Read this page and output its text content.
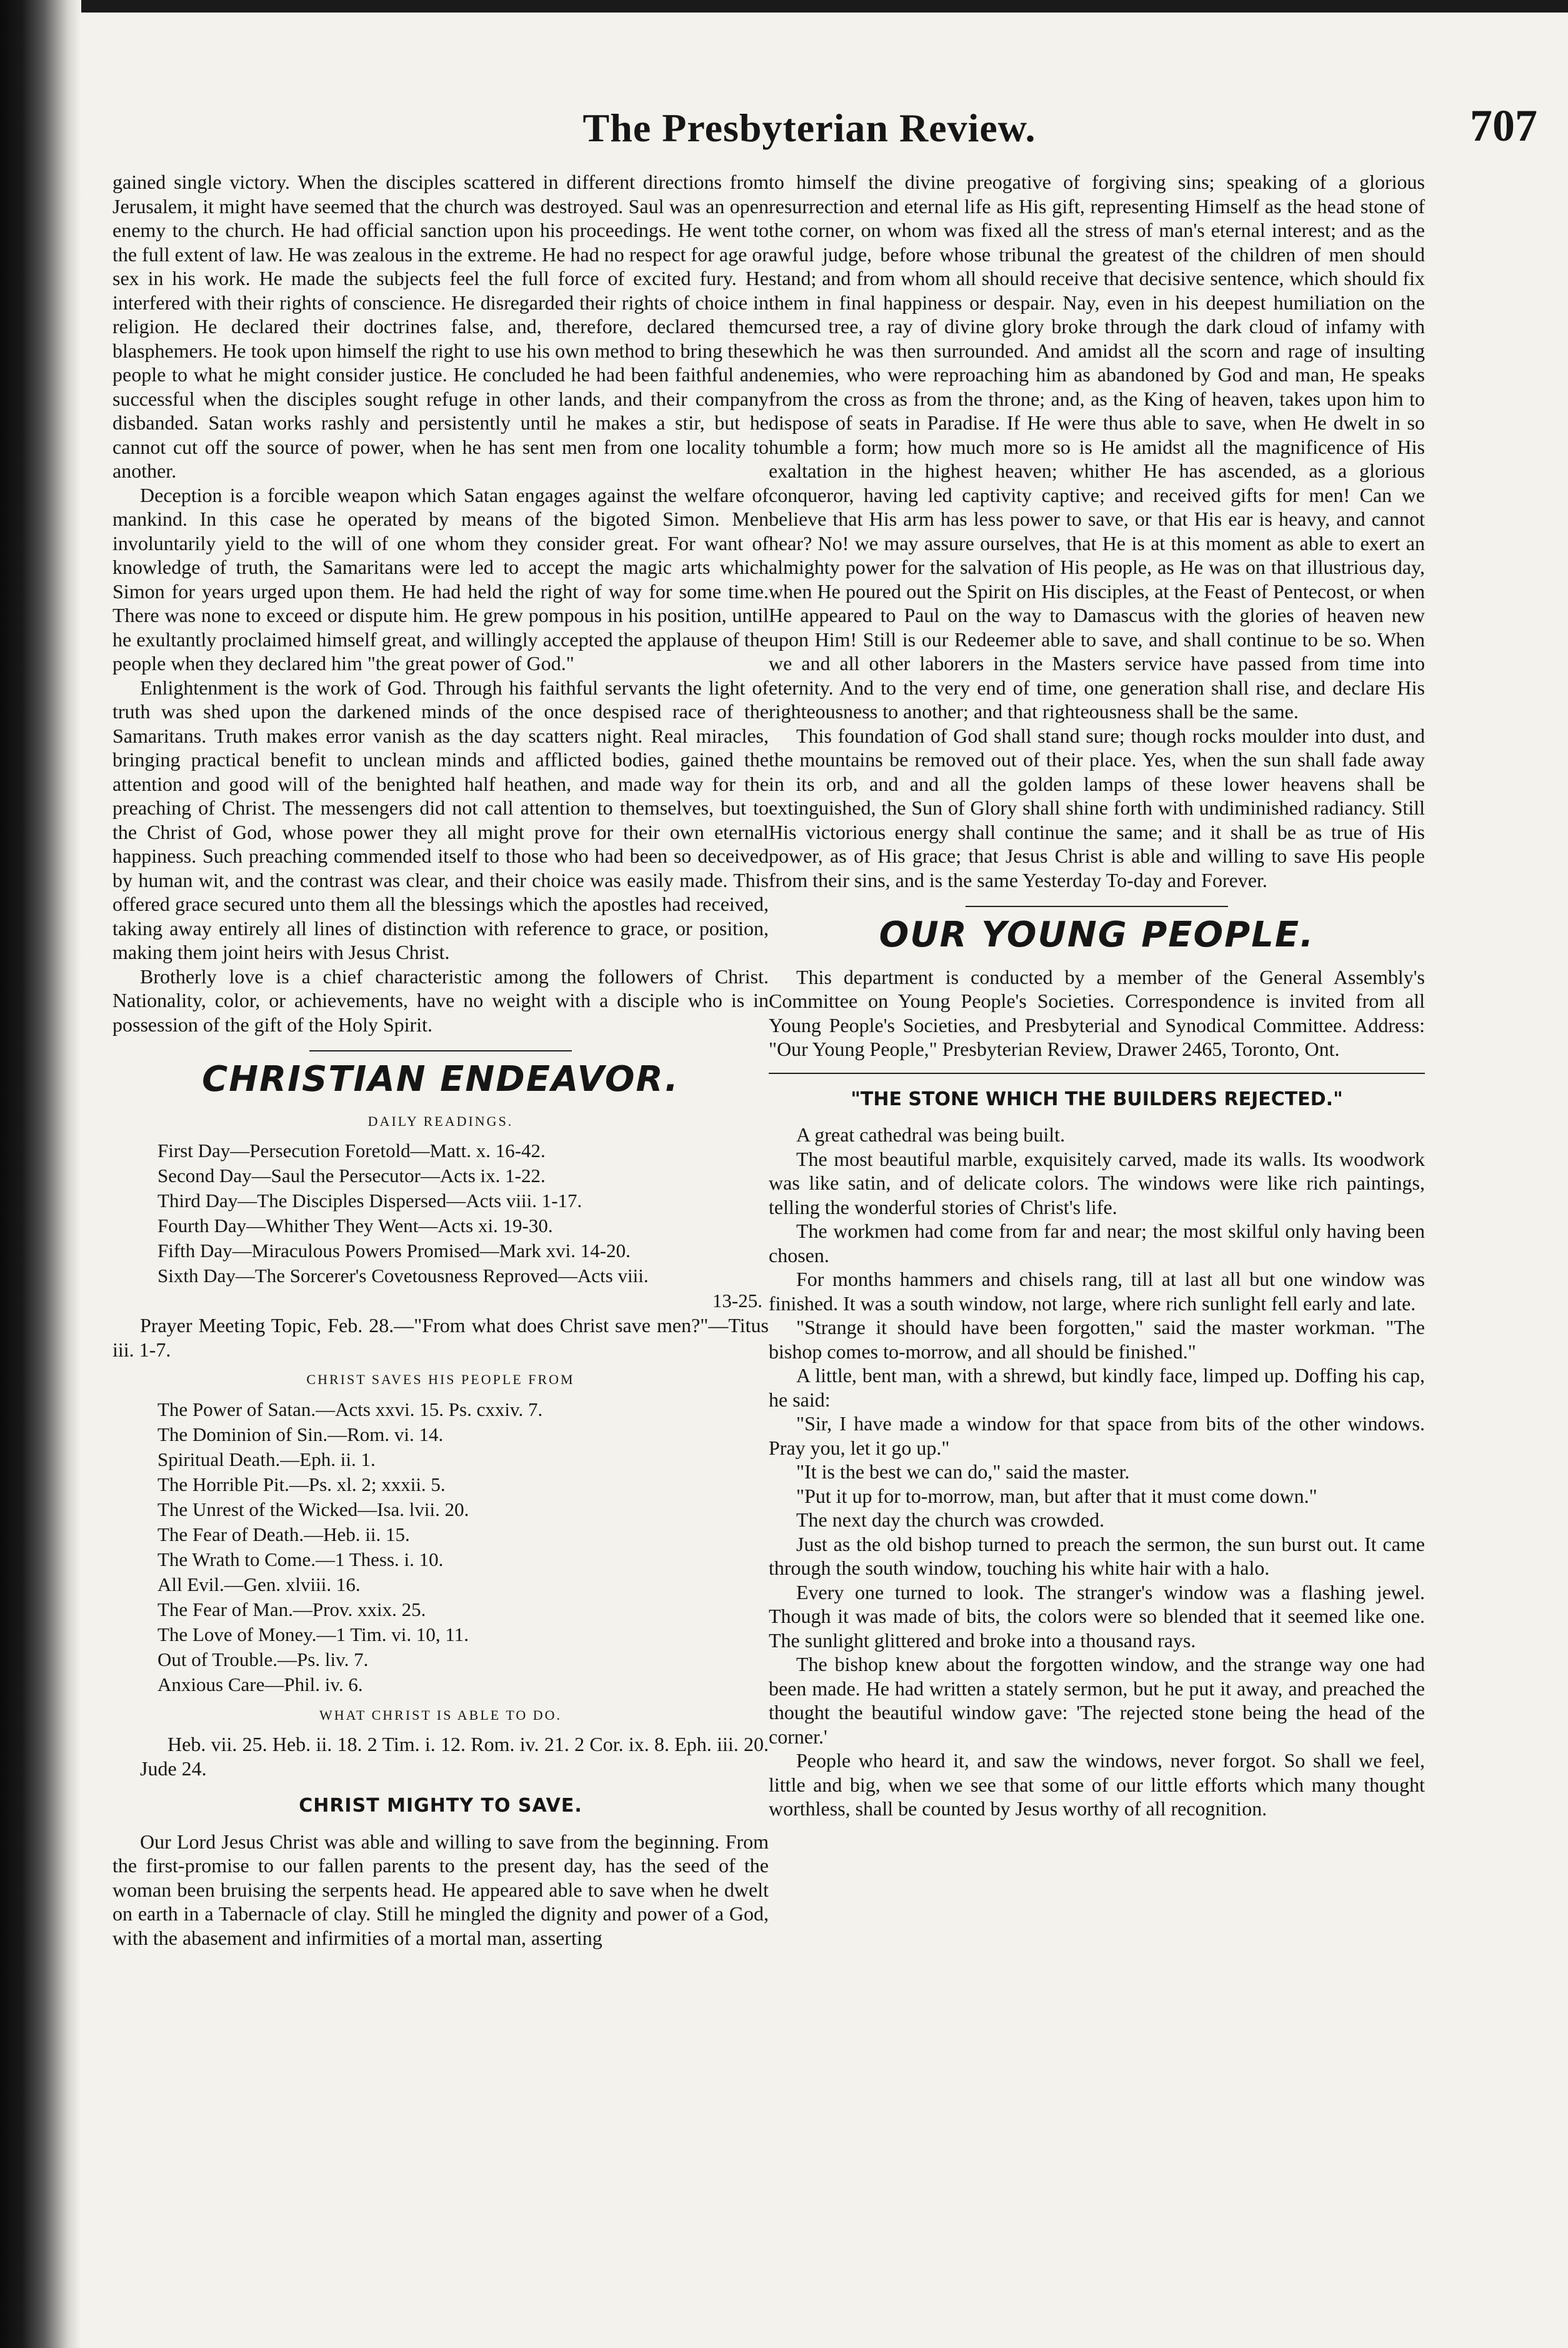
The Presbyterian Review.	707

gained single victory. When the disciples scattered in different directions from Jerusalem, it might have seemed that the church was destroyed. Saul was an open enemy to the church. He had official sanction upon his proceedings. He went to the full extent of law. He was zealous in the extreme. He had no respect for age or sex in his work. He made the subjects feel the full force of excited fury. He interfered with their rights of conscience. He disregarded their rights of choice in religion. He declared their doctrines false, and, therefore, declared them blasphemers. He took upon himself the right to use his own method to bring these people to what he might consider justice. He concluded he had been faithful and successful when the disciples sought refuge in other lands, and their company disbanded. Satan works rashly and persistently until he makes a stir, but he cannot cut off the source of power, when he has sent men from one locality to another.

Deception is a forcible weapon which Satan engages against the welfare of mankind. In this case he operated by means of the bigoted Simon. Men involuntarily yield to the will of one whom they consider great. For want of knowledge of truth, the Samaritans were led to accept the magic arts which Simon for years urged upon them. He had held the right of way for some time. There was none to exceed or dispute him. He grew pompous in his position, until he exultantly proclaimed himself great, and willingly accepted the applause of the people when they declared him "the great power of God."

Enlightenment is the work of God. Through his faithful servants the light of truth was shed upon the darkened minds of the once despised race of the Samaritans. Truth makes error vanish as the day scatters night. Real miracles, bringing practical benefit to unclean minds and afflicted bodies, gained the attention and good will of the benighted half heathen, and made way for the preaching of Christ. The messengers did not call attention to themselves, but to the Christ of God, whose power they all might prove for their own eternal happiness. Such preaching commended itself to those who had been so deceived by human wit, and the contrast was clear, and their choice was easily made. This offered grace secured unto them all the blessings which the apostles had received, taking away entirely all lines of distinction with reference to grace, or position, making them joint heirs with Jesus Christ.

Brotherly love is a chief characteristic among the followers of Christ. Nationality, color, or achievements, have no weight with a disciple who is in possession of the gift of the Holy Spirit.

CHRISTIAN ENDEAVOR.
DAILY READINGS.
First Day—Persecution Foretold—Matt. x. 16-42.
Second Day—Saul the Persecutor—Acts ix. 1-22.
Third Day—The Disciples Dispersed—Acts viii. 1-17.
Fourth Day—Whither They Went—Acts xi. 19-30.
Fifth Day—Miraculous Powers Promised—Mark xvi. 14-20.
Sixth Day—The Sorcerer's Covetousness Reproved—Acts viii.
13-25.

Prayer Meeting Topic, Feb. 28.—"From what does Christ save men?"—Titus iii. 1-7.

CHRIST SAVES HIS PEOPLE FROM
The Power of Satan.—Acts xxvi. 15. Ps. cxxiv. 7.
The Dominion of Sin.—Rom. vi. 14.
Spiritual Death.—Eph. ii. 1.
The Horrible Pit.—Ps. xl. 2; xxxii. 5.
The Unrest of the Wicked—Isa. lvii. 20.
The Fear of Death.—Heb. ii. 15.
The Wrath to Come.—1 Thess. i. 10.
All Evil.—Gen. xlviii. 16.
The Fear of Man.—Prov. xxix. 25.
The Love of Money.—1 Tim. vi. 10, 11.
Out of Trouble.—Ps. liv. 7.
Anxious Care—Phil. iv. 6.
WHAT CHRIST IS ABLE TO DO.

Heb. vii. 25. Heb. ii. 18. 2 Tim. i. 12. Rom. iv. 21. 2 Cor. ix. 8. Eph. iii. 20. Jude 24.

CHRIST MIGHTY TO SAVE.

Our Lord Jesus Christ was able and willing to save from the beginning. From the first-promise to our fallen parents to the present day, has the seed of the woman been bruising the serpents head. He appeared able to save when he dwelt on earth in a Tabernacle of clay. Still he mingled the dignity and power of a God, with the abasement and infirmities of a mortal man, asserting

to himself the divine preogative of forgiving sins; speaking of a glorious resurrection and eternal life as His gift, representing Himself as the head stone of the corner, on whom was fixed all the stress of man's eternal interest; and as the awful judge, before whose tribunal the greatest of the children of men should stand; and from whom all should receive that decisive sentence, which should fix them in final happiness or despair. Nay, even in his deepest humiliation on the cursed tree, a ray of divine glory broke through the dark cloud of infamy with which he was then surrounded. And amidst all the scorn and rage of insulting enemies, who were reproaching him as abandoned by God and man, He speaks from the cross as from the throne; and, as the King of heaven, takes upon him to dispose of seats in Paradise. If He were thus able to save, when He dwelt in so humble a form; how much more so is He amidst all the magnificence of His exaltation in the highest heaven; whither He has ascended, as a glorious conqueror, having led captivity captive; and received gifts for men! Can we believe that His arm has less power to save, or that His ear is heavy, and cannot hear? No! we may assure ourselves, that He is at this moment as able to exert an almighty power for the salvation of His people, as He was on that illustrious day, when He poured out the Spirit on His disciples, at the Feast of Pentecost, or when He appeared to Paul on the way to Damascus with the glories of heaven new upon Him! Still is our Redeemer able to save, and shall continue to be so. When we and all other laborers in the Masters service have passed from time into eternity. And to the very end of time, one generation shall rise, and declare His righteousness to another; and that righteousness shall be the same.

This foundation of God shall stand sure; though rocks moulder into dust, and the mountains be removed out of their place. Yes, when the sun shall fade away in its orb, and and all the golden lamps of these lower heavens shall be extinguished, the Sun of Glory shall shine forth with undiminished radiancy. Still His victorious energy shall continue the same; and it shall be as true of His power, as of His grace; that Jesus Christ is able and willing to save His people from their sins, and is the same Yesterday To-day and Forever.

OUR YOUNG PEOPLE.

This department is conducted by a member of the General Assembly's Committee on Young People's Societies. Correspondence is invited from all Young People's Societies, and Presbyterial and Synodical Committee. Address: "Our Young People," Presbyterian Review, Drawer 2465, Toronto, Ont.

"THE STONE WHICH THE BUILDERS REJECTED."

A great cathedral was being built.

The most beautiful marble, exquisitely carved, made its walls. Its woodwork was like satin, and of delicate colors. The windows were like rich paintings, telling the wonderful stories of Christ's life.

The workmen had come from far and near; the most skilful only having been chosen.

For months hammers and chisels rang, till at last all but one window was finished. It was a south window, not large, where rich sunlight fell early and late.

"Strange it should have been forgotten," said the master workman. "The bishop comes to-morrow, and all should be finished."

A little, bent man, with a shrewd, but kindly face, limped up. Doffing his cap, he said:

"Sir, I have made a window for that space from bits of the other windows. Pray you, let it go up."

"It is the best we can do," said the master.

"Put it up for to-morrow, man, but after that it must come down."

The next day the church was crowded.

Just as the old bishop turned to preach the sermon, the sun burst out. It came through the south window, touching his white hair with a halo.

Every one turned to look. The stranger's window was a flashing jewel. Though it was made of bits, the colors were so blended that it seemed like one. The sunlight glittered and broke into a thousand rays.

The bishop knew about the forgotten window, and the strange way one had been made. He had written a stately sermon, but he put it away, and preached the thought the beautiful window gave: 'The rejected stone being the head of the corner.'

People who heard it, and saw the windows, never forgot. So shall we feel, little and big, when we see that some of our little efforts which many thought worthless, shall be counted by Jesus worthy of all recognition.
